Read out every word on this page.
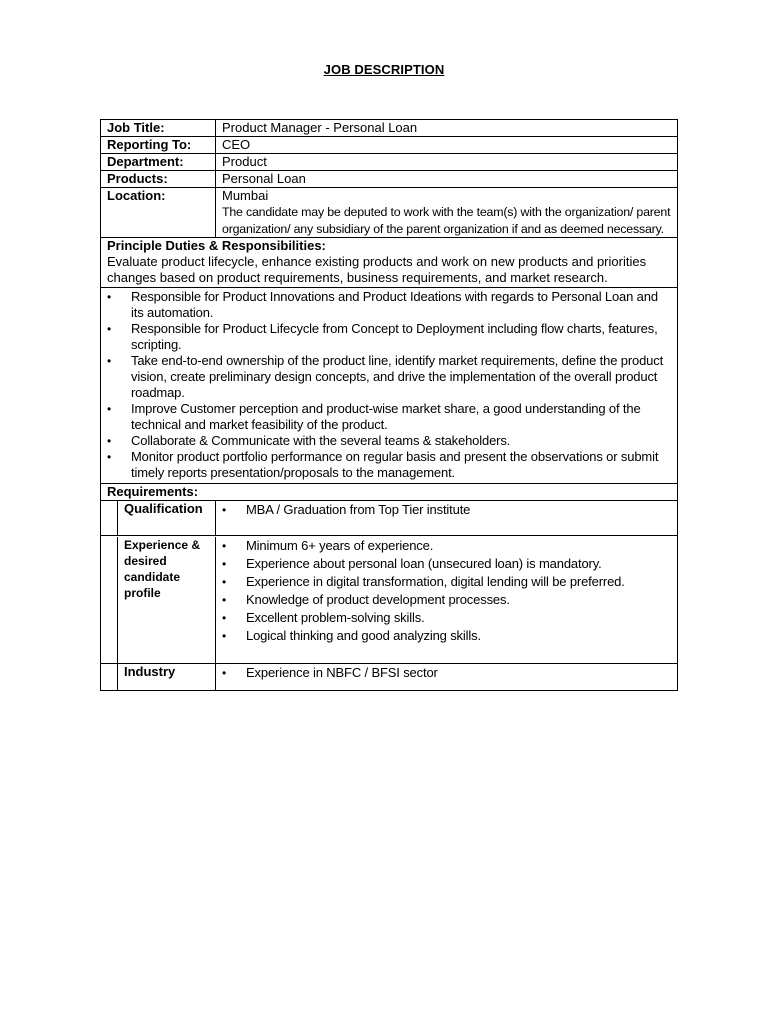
JOB DESCRIPTION
Job Title:	Product Manager - Personal Loan
Reporting To:	CEO
Department:	Product
Products:	Personal Loan
Location:	Mumbai
The candidate may be deputed to work with the team(s) with the organization/ parent organization/ any subsidiary of the parent organization if and as deemed necessary.
Principle Duties & Responsibilities:
Evaluate product lifecycle, enhance existing products and work on new products and priorities changes based on product requirements, business requirements, and market research.
• Responsible for Product Innovations and Product Ideations with regards to Personal Loan and its automation.
• Responsible for Product Lifecycle from Concept to Deployment including flow charts, features, scripting.
• Take end-to-end ownership of the product line, identify market requirements, define the product vision, create preliminary design concepts, and drive the implementation of the overall product roadmap.
• Improve Customer perception and product-wise market share, a good understanding of the technical and market feasibility of the product.
• Collaborate & Communicate with the several teams & stakeholders.
• Monitor product portfolio performance on regular basis and present the observations or submit timely reports presentation/proposals to the management.
Requirements:
Qualification	• MBA / Graduation from Top Tier institute
Experience & desired candidate profile
• Minimum 6+ years of experience.
• Experience about personal loan (unsecured loan) is mandatory.
• Experience in digital transformation, digital lending will be preferred.
• Knowledge of product development processes.
• Excellent problem-solving skills.
• Logical thinking and good analyzing skills.
Industry	• Experience in NBFC / BFSI sector
